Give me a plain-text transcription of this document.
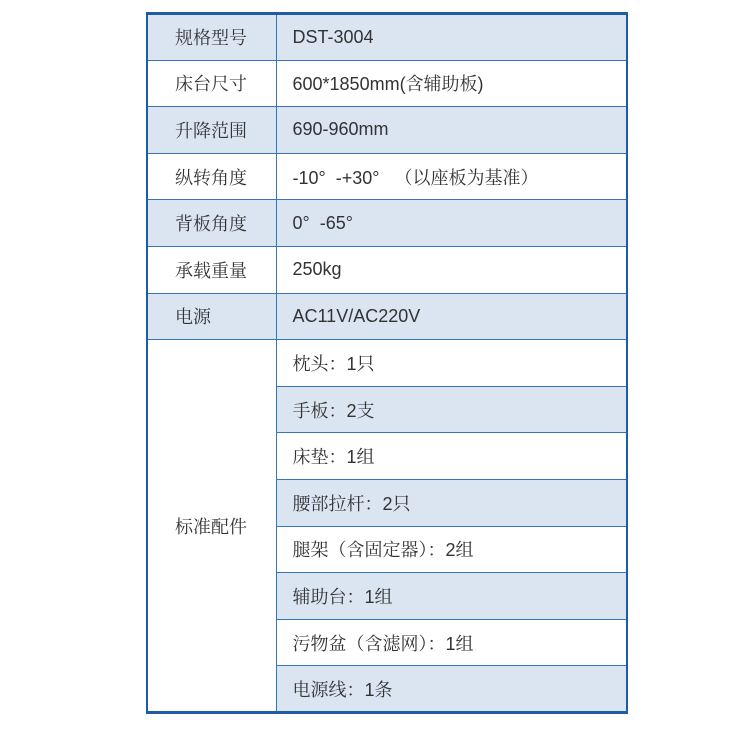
规格型号	DST-3004
床台尺寸	600*1850mm(含辅助板)
升降范围	690-960mm
纵转角度	-10°  -+30°   （以座板为基准）
背板角度	0°  -65°
承载重量	250kg
电源	AC11V/AC220V
标准配件	枕头：1只
	手板：2支
	床垫：1组
	腰部拉杆：2只
	腿架（含固定器）：2组
	辅助台：1组
	污物盆（含滤网）：1组
	电源线：1条
